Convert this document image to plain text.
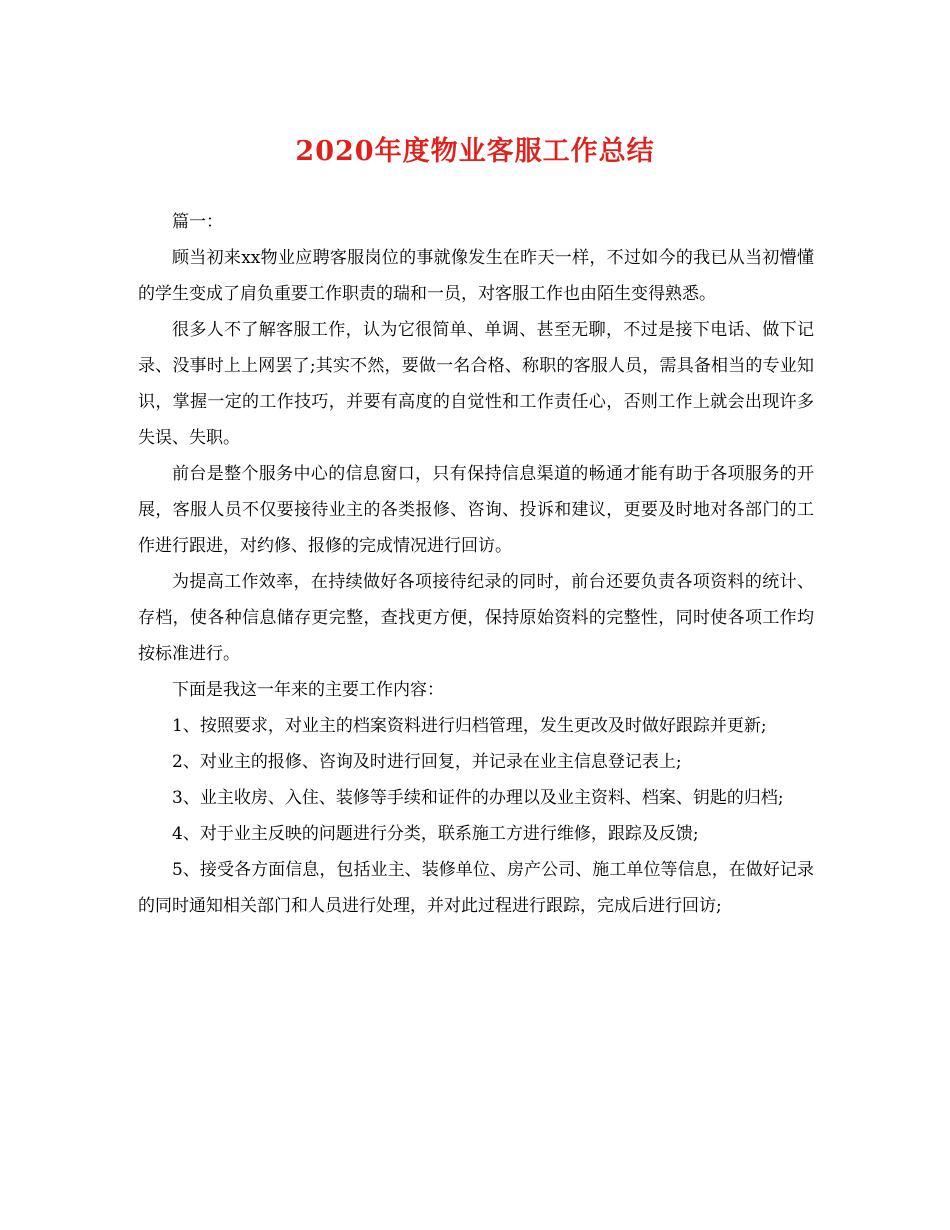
2020年度物业客服工作总结

篇一：

顾当初来xx物业应聘客服岗位的事就像发生在昨天一样，不过如今的我已从当初懵懂的学生变成了肩负重要工作职责的瑞和一员，对客服工作也由陌生变得熟悉。

很多人不了解客服工作，认为它很简单、单调、甚至无聊，不过是接下电话、做下记录、没事时上上网罢了;其实不然，要做一名合格、称职的客服人员，需具备相当的专业知识，掌握一定的工作技巧，并要有高度的自觉性和工作责任心，否则工作上就会出现许多失误、失职。

前台是整个服务中心的信息窗口，只有保持信息渠道的畅通才能有助于各项服务的开展，客服人员不仅要接待业主的各类报修、咨询、投诉和建议，更要及时地对各部门的工作进行跟进，对约修、报修的完成情况进行回访。

为提高工作效率，在持续做好各项接待纪录的同时，前台还要负责各项资料的统计、存档，使各种信息储存更完整，查找更方便，保持原始资料的完整性，同时使各项工作均按标准进行。

下面是我这一年来的主要工作内容：

1、按照要求，对业主的档案资料进行归档管理，发生更改及时做好跟踪并更新;

2、对业主的报修、咨询及时进行回复，并记录在业主信息登记表上;

3、业主收房、入住、装修等手续和证件的办理以及业主资料、档案、钥匙的归档;

4、对于业主反映的问题进行分类，联系施工方进行维修，跟踪及反馈;

5、接受各方面信息，包括业主、装修单位、房产公司、施工单位等信息，在做好记录的同时通知相关部门和人员进行处理，并对此过程进行跟踪，完成后进行回访;
